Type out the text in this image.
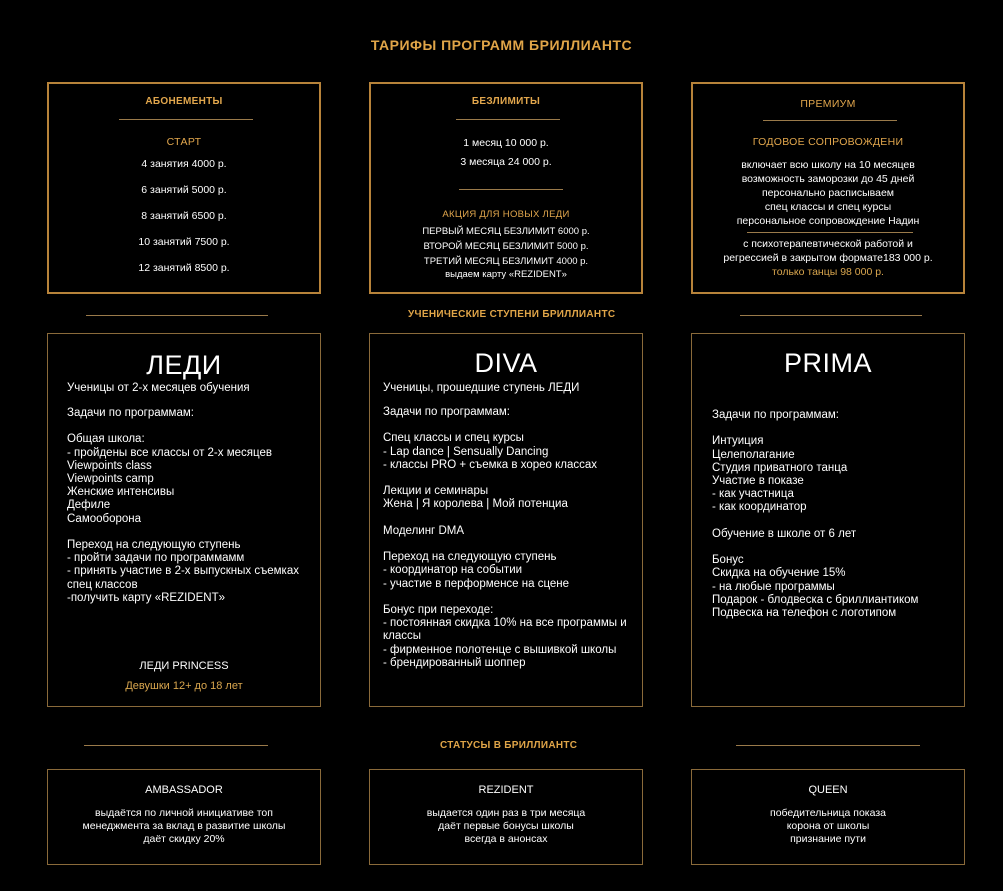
ТАРИФЫ ПРОГРАММ БРИЛЛИАНТС
АБОНЕМЕНТЫ
СТАРТ
4 занятия 4000 р.
6 занятий 5000 р.
8 занятий 6500 р.
10 занятий 7500 р.
12 занятий 8500 р.
БЕЗЛИМИТЫ
1 месяц 10 000 р.
3 месяца 24 000 р.
АКЦИЯ ДЛЯ НОВЫХ ЛЕДИ
ПЕРВЫЙ МЕСЯЦ БЕЗЛИМИТ 6000 р.
ВТОРОЙ МЕСЯЦ БЕЗЛИМИТ 5000 р.
ТРЕТИЙ МЕСЯЦ БЕЗЛИМИТ 4000 р.
выдаем карту «REZIDENT»
ПРЕМИУМ
ГОДОВОЕ СОПРОВОЖДЕНИ
включает всю школу на 10 месяцев
возможность заморозки до 45 дней
персонально расписываем
спец классы и спец курсы
персональное сопровождение Надин
с психотерапевтической работой и
регрессией в закрытом формате183 000 р.
только танцы 98 000 р.
УЧЕНИЧЕСКИЕ СТУПЕНИ БРИЛЛИАНТС
ЛЕДИ
Ученицы от 2-х месяцев обучения
Задачи по программам:

Общая школа:
- пройдены все классы от 2-х месяцев
Viewpoints class
Viewpoints camp
Женские интенсивы
Дефиле
Самооборона

Переход на следующую ступень
- пройти задачи по программамм
- принять участие в 2-х выпускных съемках
спец классов
-получить карту «REZIDENT»
ЛЕДИ PRINCESS
Девушки 12+ до 18 лет
DIVA
Ученицы, прошедшие ступень ЛЕДИ
Задачи по программам:

Спец классы и спец курсы
- Lap dance | Sensually Dancing
- классы PRO + съемка в хорео классах

Лекции и семинары
Жена | Я королева | Мой потенциа

Моделинг DMA

Переход на следующую ступень
- координатор на событии
- участие в перформенсе на сцене

Бонус при переходе:
- постоянная скидка 10% на все программы и
классы
- фирменное полотенце с вышивкой школы
- брендированный шоппер
PRIMA
Задачи по программам:

Интуиция
Целеполагание
Студия приватного танца
Участие в показе
- как участница
- как координатор

Обучение в школе от 6 лет

Бонус
Скидка на обучение 15%
- на любые программы
Подарок - блодвеска с бриллиантиком
Подвеска на телефон с логотипом
СТАТУСЫ В БРИЛЛИАНТС
AMBASSADOR
выдаётся по личной инициативе топ
менеджмента за вклад в развитие школы
даёт скидку 20%
REZIDENT
выдается один раз в три месяца
даёт первые бонусы школы
всегда в анонсах
QUEEN
победительница показа
корона от школы
признание пути
